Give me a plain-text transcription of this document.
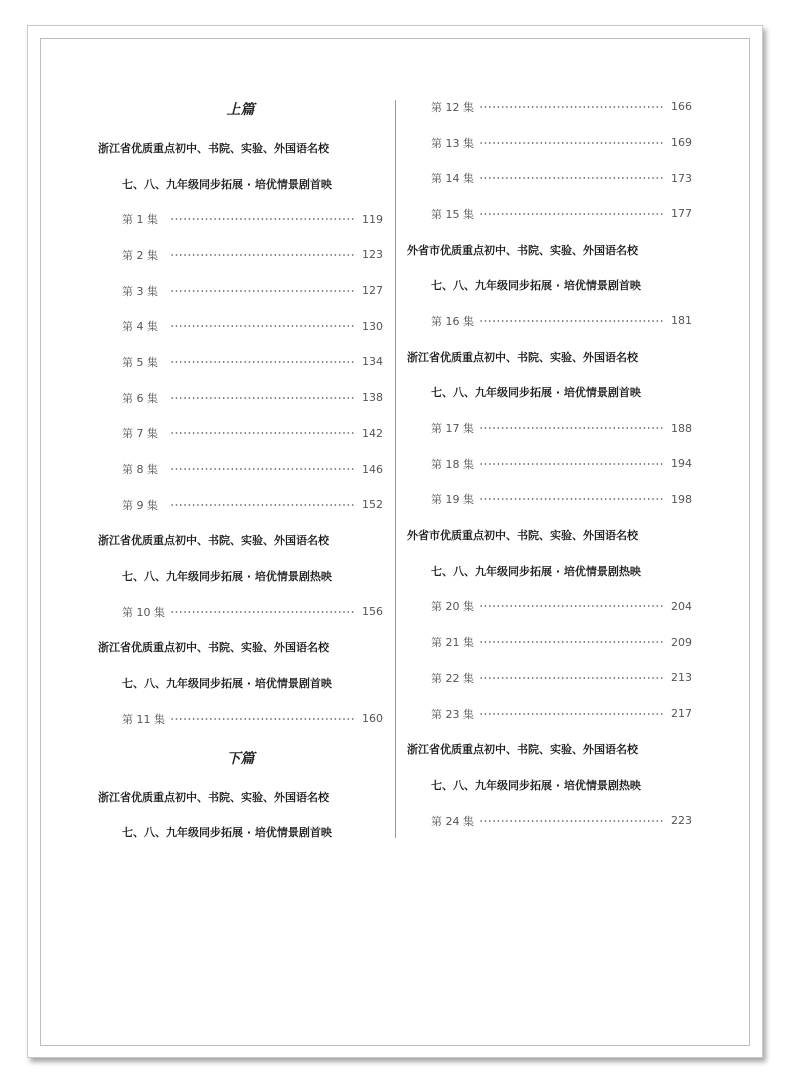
上篇
浙江省优质重点初中、书院、实验、外国语名校
七、八、九年级同步拓展 · 培优情景剧首映
第 1 集	119
第 2 集	123
第 3 集	127
第 4 集	130
第 5 集	134
第 6 集	138
第 7 集	142
第 8 集	146
第 9 集	152
浙江省优质重点初中、书院、实验、外国语名校
七、八、九年级同步拓展 · 培优情景剧热映
第 10 集	156
浙江省优质重点初中、书院、实验、外国语名校
七、八、九年级同步拓展 · 培优情景剧首映
第 11 集	160
下篇
浙江省优质重点初中、书院、实验、外国语名校
七、八、九年级同步拓展 · 培优情景剧首映
第 12 集	166
第 13 集	169
第 14 集	173
第 15 集	177
外省市优质重点初中、书院、实验、外国语名校
七、八、九年级同步拓展 · 培优情景剧首映
第 16 集	181
浙江省优质重点初中、书院、实验、外国语名校
七、八、九年级同步拓展 · 培优情景剧首映
第 17 集	188
第 18 集	194
第 19 集	198
外省市优质重点初中、书院、实验、外国语名校
七、八、九年级同步拓展 · 培优情景剧热映
第 20 集	204
第 21 集	209
第 22 集	213
第 23 集	217
浙江省优质重点初中、书院、实验、外国语名校
七、八、九年级同步拓展 · 培优情景剧热映
第 24 集	223
